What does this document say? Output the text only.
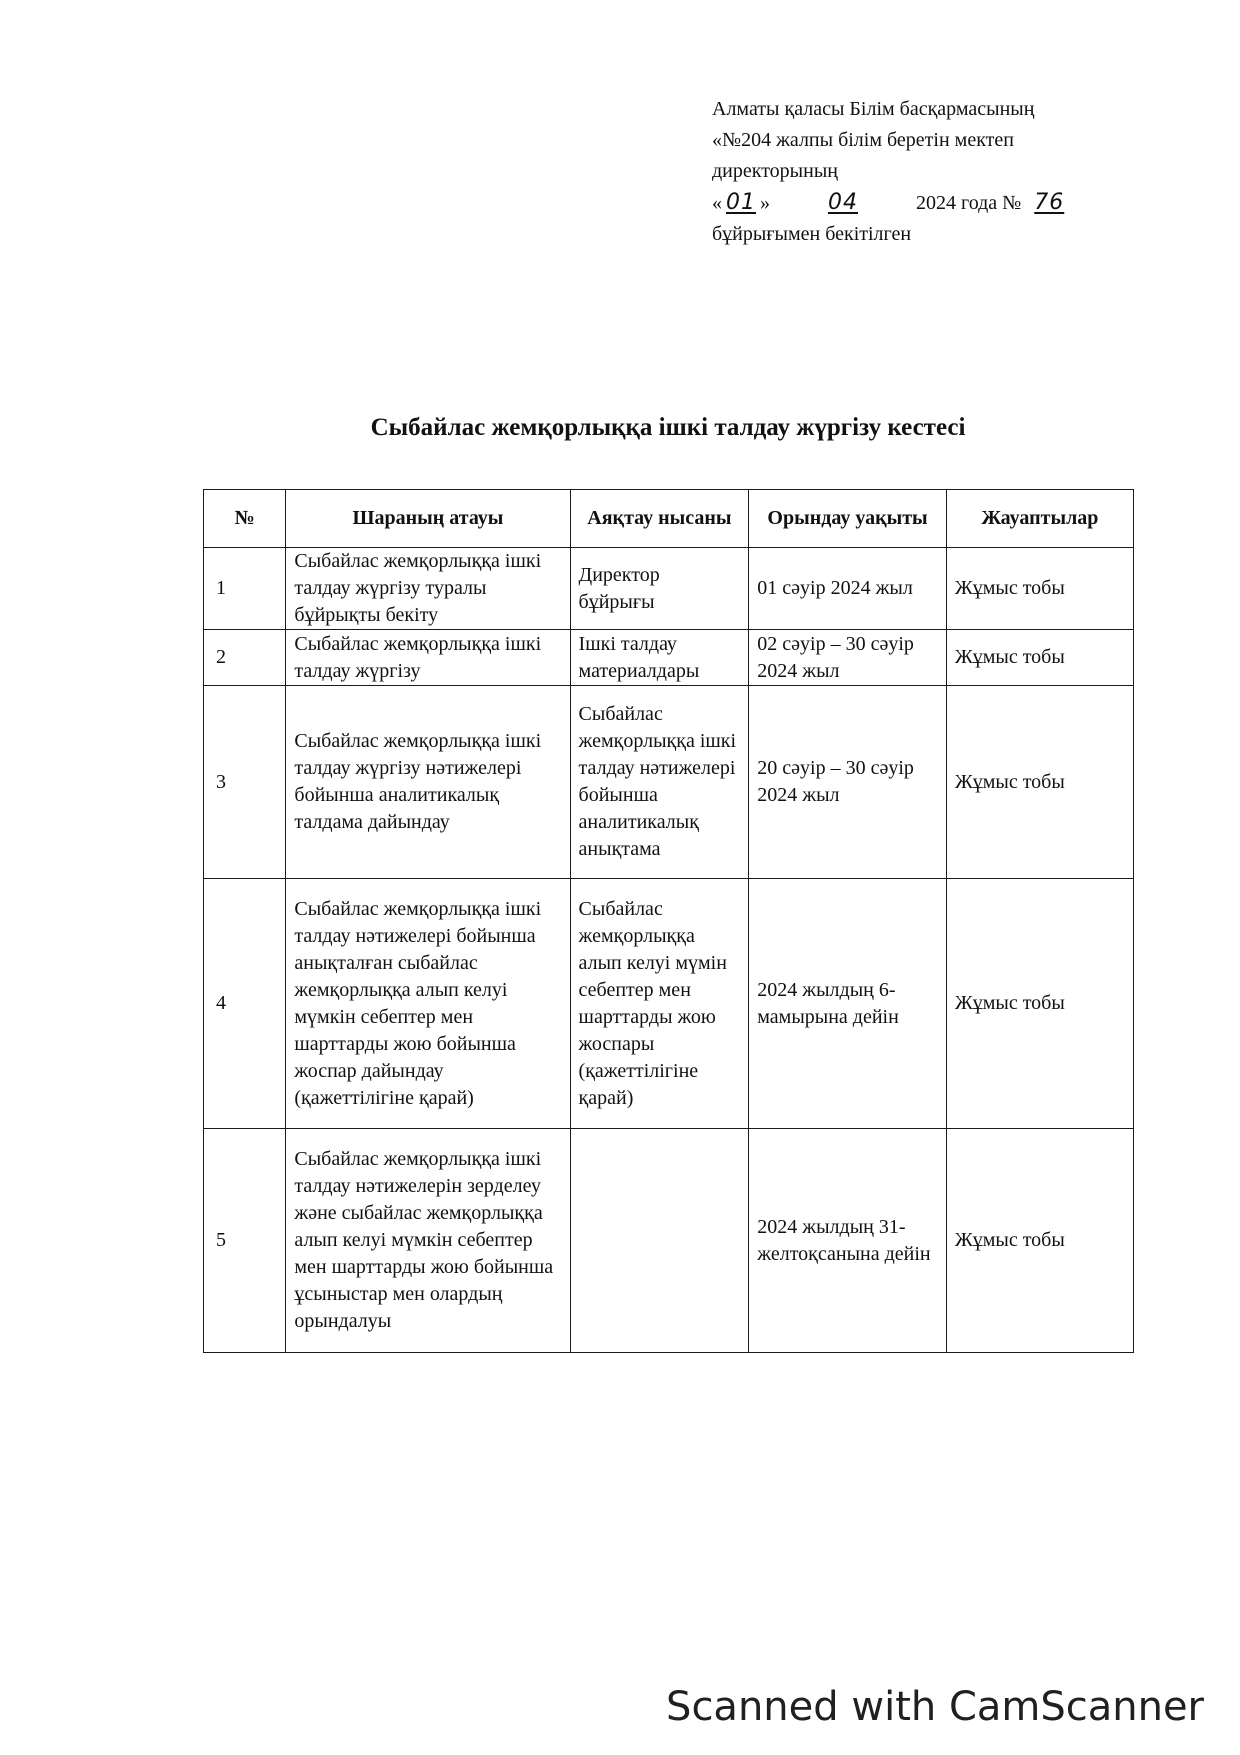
Алматы қаласы Білім басқармасының

«№204 жалпы білім беретін мектеп

директорының

« 01 »	04	2024 года № 76

бұйрығымен бекітілген

Сыбайлас жемқорлыққа ішкі талдау жүргізу кестесі
№	Шараның атауы	Аяқтау нысаны	Орындау уақыты	Жауаптылар
1	Сыбайлас жемқорлыққа ішкі талдау жүргізу туралы бұйрықты бекіту	Директор бұйрығы	01 сәуір 2024 жыл	Жұмыс тобы
2	Сыбайлас жемқорлыққа ішкі талдау жүргізу	Ішкі талдау материалдары	02 сәуір – 30 сәуір 2024 жыл	Жұмыс тобы
3	Сыбайлас жемқорлыққа ішкі талдау жүргізу нәтижелері бойынша аналитикалық талдама дайындау	Сыбайлас жемқорлыққа ішкі талдау нәтижелері бойынша аналитикалық анықтама	20 сәуір – 30 сәуір 2024 жыл	Жұмыс тобы
4	Сыбайлас жемқорлыққа ішкі талдау нәтижелері бойынша анықталған сыбайлас жемқорлыққа алып келуі мүмкін себептер мен шарттарды жою бойынша жоспар дайындау (қажеттілігіне қарай)	Сыбайлас жемқорлыққа алып келуі мүмін себептер мен шарттарды жою жоспары (қажеттілігіне қарай)	2024 жылдың 6-мамырына дейін	Жұмыс тобы
5	Сыбайлас жемқорлыққа ішкі талдау нәтижелерін зерделеу және сыбайлас жемқорлыққа алып келуі мүмкін себептер мен шарттарды жою бойынша ұсыныстар мен олардың орындалуы		2024 жылдың 31-желтоқсанына дейін	Жұмыс тобы
Scanned with CamScanner
